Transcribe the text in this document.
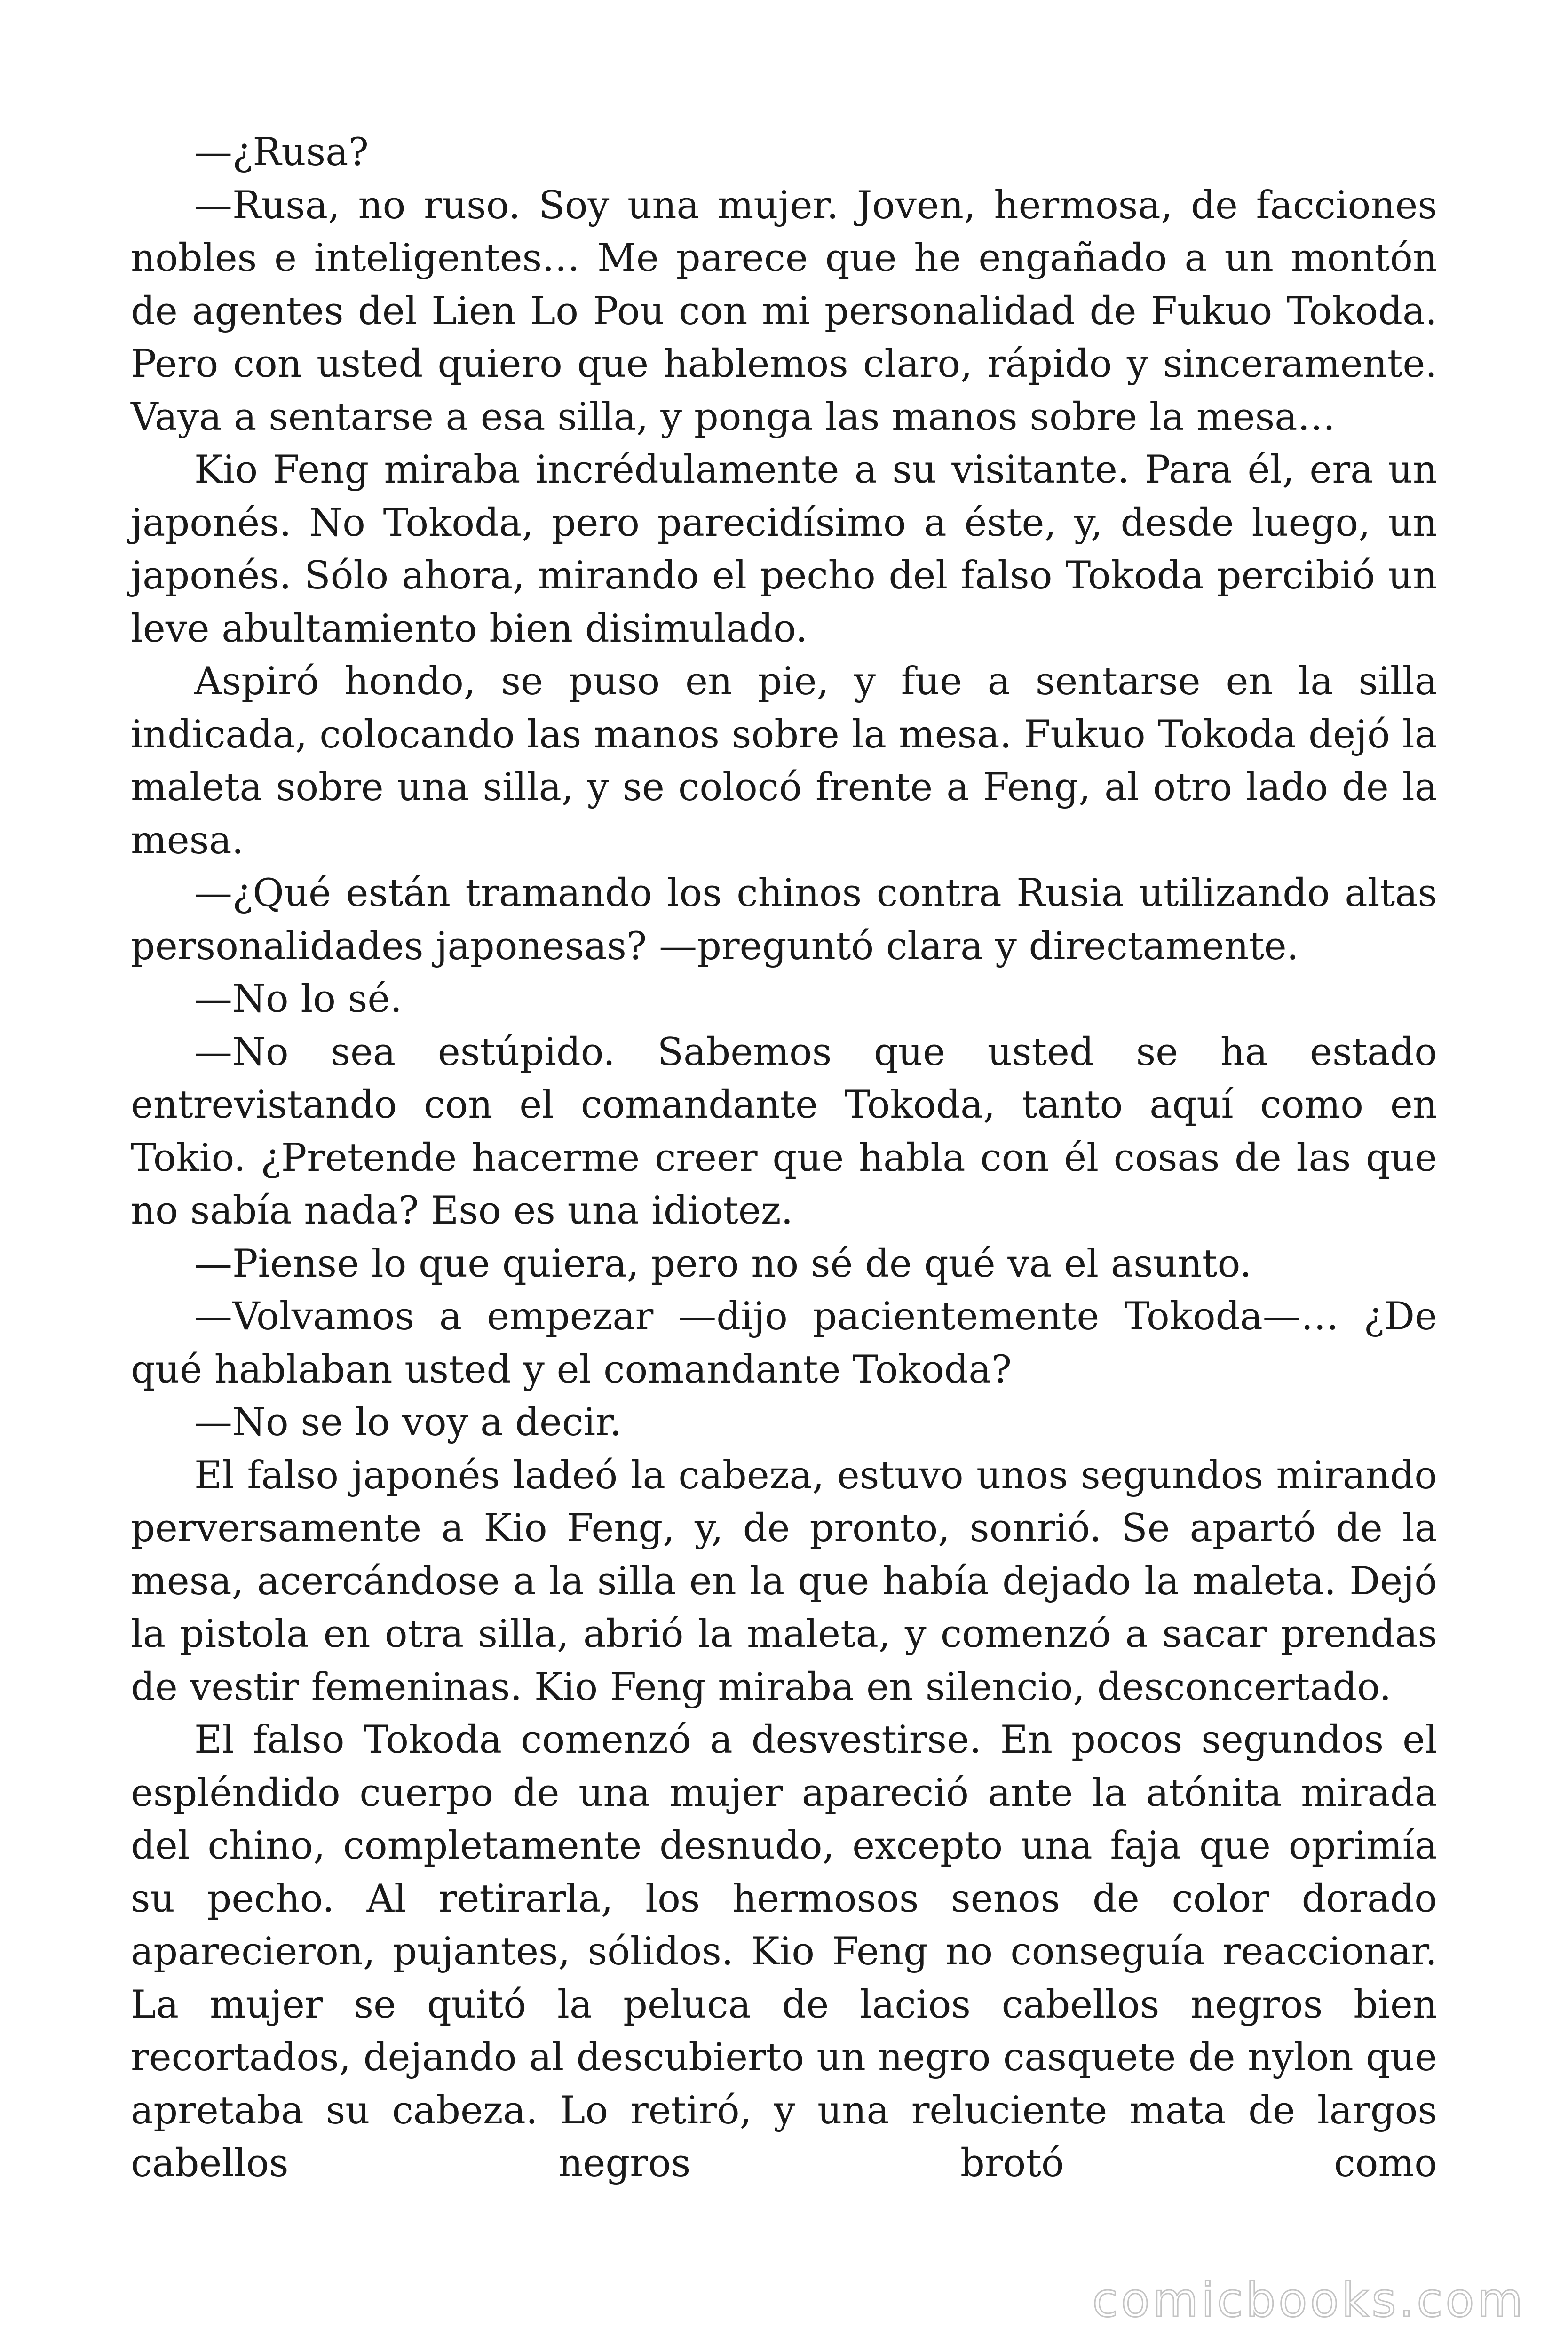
—¿Rusa?

—Rusa, no ruso. Soy una mujer. Joven, hermosa, de facciones nobles e inteligentes… Me parece que he engañado a un montón de agentes del Lien Lo Pou con mi personalidad de Fukuo Tokoda. Pero con usted quiero que hablemos claro, rápido y sinceramente. Vaya a sentarse a esa silla, y ponga las manos sobre la mesa…

Kio Feng miraba incrédulamente a su visitante. Para él, era un japonés. No Tokoda, pero parecidísimo a éste, y, desde luego, un japonés. Sólo ahora, mirando el pecho del falso Tokoda percibió un leve abultamiento bien disimulado.

Aspiró hondo, se puso en pie, y fue a sentarse en la silla indicada, colocando las manos sobre la mesa. Fukuo Tokoda dejó la maleta sobre una silla, y se colocó frente a Feng, al otro lado de la mesa.

—¿Qué están tramando los chinos contra Rusia utilizando altas personalidades japonesas? —preguntó clara y directamente.

—No lo sé.

—No sea estúpido. Sabemos que usted se ha estado entrevistando con el comandante Tokoda, tanto aquí como en Tokio. ¿Pretende hacerme creer que habla con él cosas de las que no sabía nada? Eso es una idiotez.

—Piense lo que quiera, pero no sé de qué va el asunto.

—Volvamos a empezar —dijo pacientemente Tokoda—… ¿De qué hablaban usted y el comandante Tokoda?

—No se lo voy a decir.

El falso japonés ladeó la cabeza, estuvo unos segundos mirando perversamente a Kio Feng, y, de pronto, sonrió. Se apartó de la mesa, acercándose a la silla en la que había dejado la maleta. Dejó la pistola en otra silla, abrió la maleta, y comenzó a sacar prendas de vestir femeninas. Kio Feng miraba en silencio, desconcertado.

El falso Tokoda comenzó a desvestirse. En pocos segundos el espléndido cuerpo de una mujer apareció ante la atónita mirada del chino, completamente desnudo, excepto una faja que oprimía su pecho. Al retirarla, los hermosos senos de color dorado aparecieron, pujantes, sólidos. Kio Feng no conseguía reaccionar. La mujer se quitó la peluca de lacios cabellos negros bien recortados, dejando al descubierto un negro casquete de nylon que apretaba su cabeza. Lo retiró, y una reluciente mata de largos cabellos negros brotó como

comicbooks.com
